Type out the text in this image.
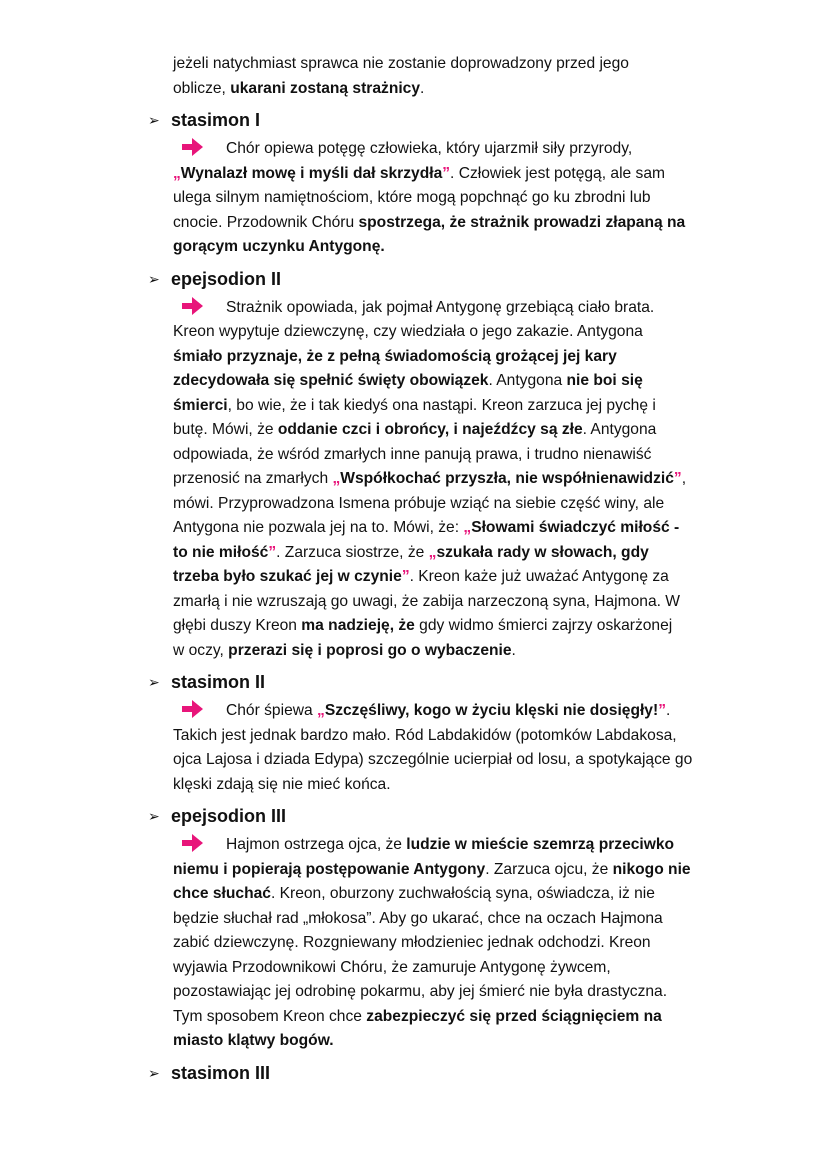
jeżeli natychmiast sprawca nie zostanie doprowadzony przed jego
oblicze, ukarani zostaną strażnicy.
➢ stasimon I
Chór opiewa potęgę człowieka, który ujarzmił siły przyrody,
„Wynalazł mowę i myśli dał skrzydła”. Człowiek jest potęgą, ale sam
ulega silnym namiętnościom, które mogą popchnąć go ku zbrodni lub
cnocie. Przodownik Chóru spostrzega, że strażnik prowadzi złapaną na
gorącym uczynku Antygonę.
➢ epejsodion II
Strażnik opowiada, jak pojmał Antygonę grzebiącą ciało brata.
Kreon wypytuje dziewczynę, czy wiedziała o jego zakazie. Antygona
śmiało przyznaje, że z pełną świadomością grożącej jej kary
zdecydowała się spełnić święty obowiązek. Antygona nie boi się
śmierci, bo wie, że i tak kiedyś ona nastąpi. Kreon zarzuca jej pychę i
butę. Mówi, że oddanie czci i obrońcy, i najeźdźcy są złe. Antygona
odpowiada, że wśród zmarłych inne panują prawa, i trudno nienawiść
przenosić na zmarłych „Współkochać przyszła, nie współnienawidzić”,
mówi. Przyprowadzona Ismena próbuje wziąć na siebie część winy, ale
Antygona nie pozwala jej na to. Mówi, że: „Słowami świadczyć miłość -
to nie miłość”. Zarzuca siostrze, że „szukała rady w słowach, gdy
trzeba było szukać jej w czynie”. Kreon każe już uważać Antygonę za
zmarłą i nie wzruszają go uwagi, że zabija narzeczoną syna, Hajmona. W
głębi duszy Kreon ma nadzieję, że gdy widmo śmierci zajrzy oskarżonej
w oczy, przerazi się i poprosi go o wybaczenie.
➢ stasimon II
Chór śpiewa „Szczęśliwy, kogo w życiu klęski nie dosięgły!”.
Takich jest jednak bardzo mało. Ród Labdakidów (potomków Labdakosa,
ojca Lajosa i dziada Edypa) szczególnie ucierpiał od losu, a spotykające go
klęski zdają się nie mieć końca.
➢ epejsodion III
Hajmon ostrzega ojca, że ludzie w mieście szemrzą przeciwko
niemu i popierają postępowanie Antygony. Zarzuca ojcu, że nikogo nie
chce słuchać. Kreon, oburzony zuchwałością syna, oświadcza, iż nie
będzie słuchał rad „młokosa”. Aby go ukarać, chce na oczach Hajmona
zabić dziewczynę. Rozgniewany młodzieniec jednak odchodzi. Kreon
wyjawia Przodownikowi Chóru, że zamuruje Antygonę żywcem,
pozostawiając jej odrobinę pokarmu, aby jej śmierć nie była drastyczna.
Tym sposobem Kreon chce zabezpieczyć się przed ściągnięciem na
miasto klątwy bogów.
➢ stasimon III
